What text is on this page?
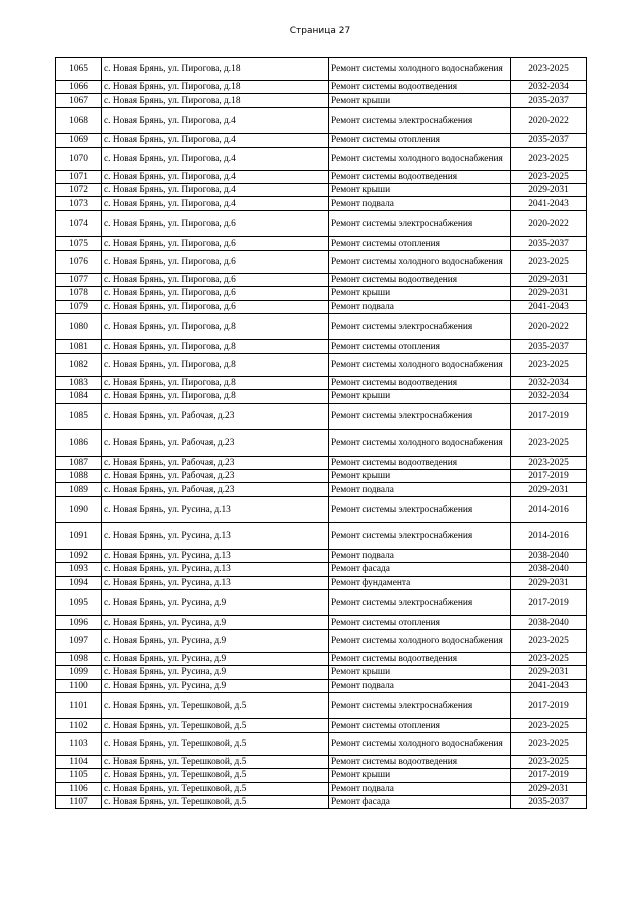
Страница 27
1065	с. Новая Брянь, ул. Пирогова, д.18	Ремонт системы холодного водоснабжения	2023-2025
1066	с. Новая Брянь, ул. Пирогова, д.18	Ремонт системы водоотведения	2032-2034
1067	с. Новая Брянь, ул. Пирогова, д.18	Ремонт крыши	2035-2037
1068	с. Новая Брянь, ул. Пирогова, д.4	Ремонт системы электроснабжения	2020-2022
1069	с. Новая Брянь, ул. Пирогова, д.4	Ремонт системы отопления	2035-2037
1070	с. Новая Брянь, ул. Пирогова, д.4	Ремонт системы холодного водоснабжения	2023-2025
1071	с. Новая Брянь, ул. Пирогова, д.4	Ремонт системы водоотведения	2023-2025
1072	с. Новая Брянь, ул. Пирогова, д.4	Ремонт крыши	2029-2031
1073	с. Новая Брянь, ул. Пирогова, д.4	Ремонт подвала	2041-2043
1074	с. Новая Брянь, ул. Пирогова, д.6	Ремонт системы электроснабжения	2020-2022
1075	с. Новая Брянь, ул. Пирогова, д.6	Ремонт системы отопления	2035-2037
1076	с. Новая Брянь, ул. Пирогова, д.6	Ремонт системы холодного водоснабжения	2023-2025
1077	с. Новая Брянь, ул. Пирогова, д.6	Ремонт системы водоотведения	2029-2031
1078	с. Новая Брянь, ул. Пирогова, д.6	Ремонт крыши	2029-2031
1079	с. Новая Брянь, ул. Пирогова, д.6	Ремонт подвала	2041-2043
1080	с. Новая Брянь, ул. Пирогова, д.8	Ремонт системы электроснабжения	2020-2022
1081	с. Новая Брянь, ул. Пирогова, д.8	Ремонт системы отопления	2035-2037
1082	с. Новая Брянь, ул. Пирогова, д.8	Ремонт системы холодного водоснабжения	2023-2025
1083	с. Новая Брянь, ул. Пирогова, д.8	Ремонт системы водоотведения	2032-2034
1084	с. Новая Брянь, ул. Пирогова, д.8	Ремонт крыши	2032-2034
1085	с. Новая Брянь, ул. Рабочая, д.23	Ремонт системы электроснабжения	2017-2019
1086	с. Новая Брянь, ул. Рабочая, д.23	Ремонт системы холодного водоснабжения	2023-2025
1087	с. Новая Брянь, ул. Рабочая, д.23	Ремонт системы водоотведения	2023-2025
1088	с. Новая Брянь, ул. Рабочая, д.23	Ремонт крыши	2017-2019
1089	с. Новая Брянь, ул. Рабочая, д.23	Ремонт подвала	2029-2031
1090	с. Новая Брянь, ул. Русина, д.13	Ремонт системы электроснабжения	2014-2016
1091	с. Новая Брянь, ул. Русина, д.13	Ремонт системы электроснабжения	2014-2016
1092	с. Новая Брянь, ул. Русина, д.13	Ремонт подвала	2038-2040
1093	с. Новая Брянь, ул. Русина, д.13	Ремонт фасада	2038-2040
1094	с. Новая Брянь, ул. Русина, д.13	Ремонт фундамента	2029-2031
1095	с. Новая Брянь, ул. Русина, д.9	Ремонт системы электроснабжения	2017-2019
1096	с. Новая Брянь, ул. Русина, д.9	Ремонт системы отопления	2038-2040
1097	с. Новая Брянь, ул. Русина, д.9	Ремонт системы холодного водоснабжения	2023-2025
1098	с. Новая Брянь, ул. Русина, д.9	Ремонт системы водоотведения	2023-2025
1099	с. Новая Брянь, ул. Русина, д.9	Ремонт крыши	2029-2031
1100	с. Новая Брянь, ул. Русина, д.9	Ремонт подвала	2041-2043
1101	с. Новая Брянь, ул. Терешковой, д.5	Ремонт системы электроснабжения	2017-2019
1102	с. Новая Брянь, ул. Терешковой, д.5	Ремонт системы отопления	2023-2025
1103	с. Новая Брянь, ул. Терешковой, д.5	Ремонт системы холодного водоснабжения	2023-2025
1104	с. Новая Брянь, ул. Терешковой, д.5	Ремонт системы водоотведения	2023-2025
1105	с. Новая Брянь, ул. Терешковой, д.5	Ремонт крыши	2017-2019
1106	с. Новая Брянь, ул. Терешковой, д.5	Ремонт подвала	2029-2031
1107	с. Новая Брянь, ул. Терешковой, д.5	Ремонт фасада	2035-2037
